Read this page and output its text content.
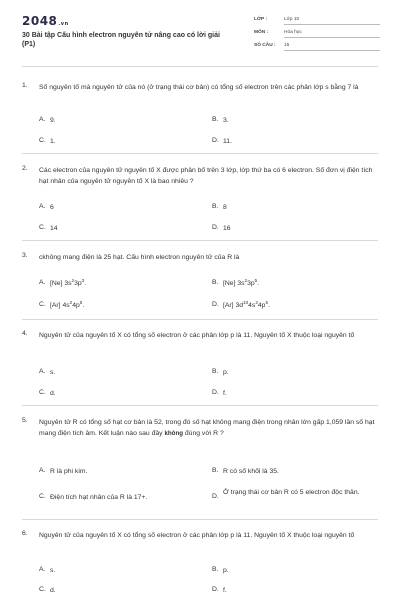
2048.vn
30 Bài tập Cấu hình electron nguyên tử nâng cao có lời giải (P1)
LỚP :	Lớp 10
MÔN :	Hóa học
SỐ CÂU : 15
1. Số nguyên tố mà nguyên tử của nó (ở trạng thái cơ bản) có tổng số electron trên các phân lớp s bằng 7 là
A. 9.	B. 3.
C. 1.	D. 11.
2. Các electron của nguyên tử nguyên tố X được phân bố trên 3 lớp, lớp thứ ba có 6 electron. Số đơn vị điện tích hạt nhân của nguyên tử nguyên tố X là bao nhiêu ?
A. 6	B. 8
C. 14	D. 16
3. ckhông mang điện là 25 hạt. Cấu hình electron nguyên tử của R là
A. [Ne] $3s^23p^3$.	B. [Ne] $3s^23p^5$.
C. [Ar] $4s^24p^5$.	D. [Ar] $3d^{10}4s^24p^5$.
4. Nguyên tử của nguyên tố X có tổng số electron ở các phân lớp p là 11. Nguyên tố X thuộc loại nguyên tố
A. s.	B. p.
C. d.	D. f.
5. Nguyên tử R có tổng số hạt cơ bản là 52, trong đó số hạt không mang điện trong nhân lớn gấp 1,059 lần số hạt mang điện tích âm. Kết luận nào sau đây không đúng với R ?
A. R là phi kim.	B. R có số khối là 35.
C. Điện tích hạt nhân của R là 17+.	D.
Ở trạng thái cơ bản R có 5 electron độc thân.
6. Nguyên tử của nguyên tố X có tổng số electron ở các phân lớp p là 11. Nguyên tố X thuộc loại nguyên tố
A. s.	B. p.
C. d.	D. f.
